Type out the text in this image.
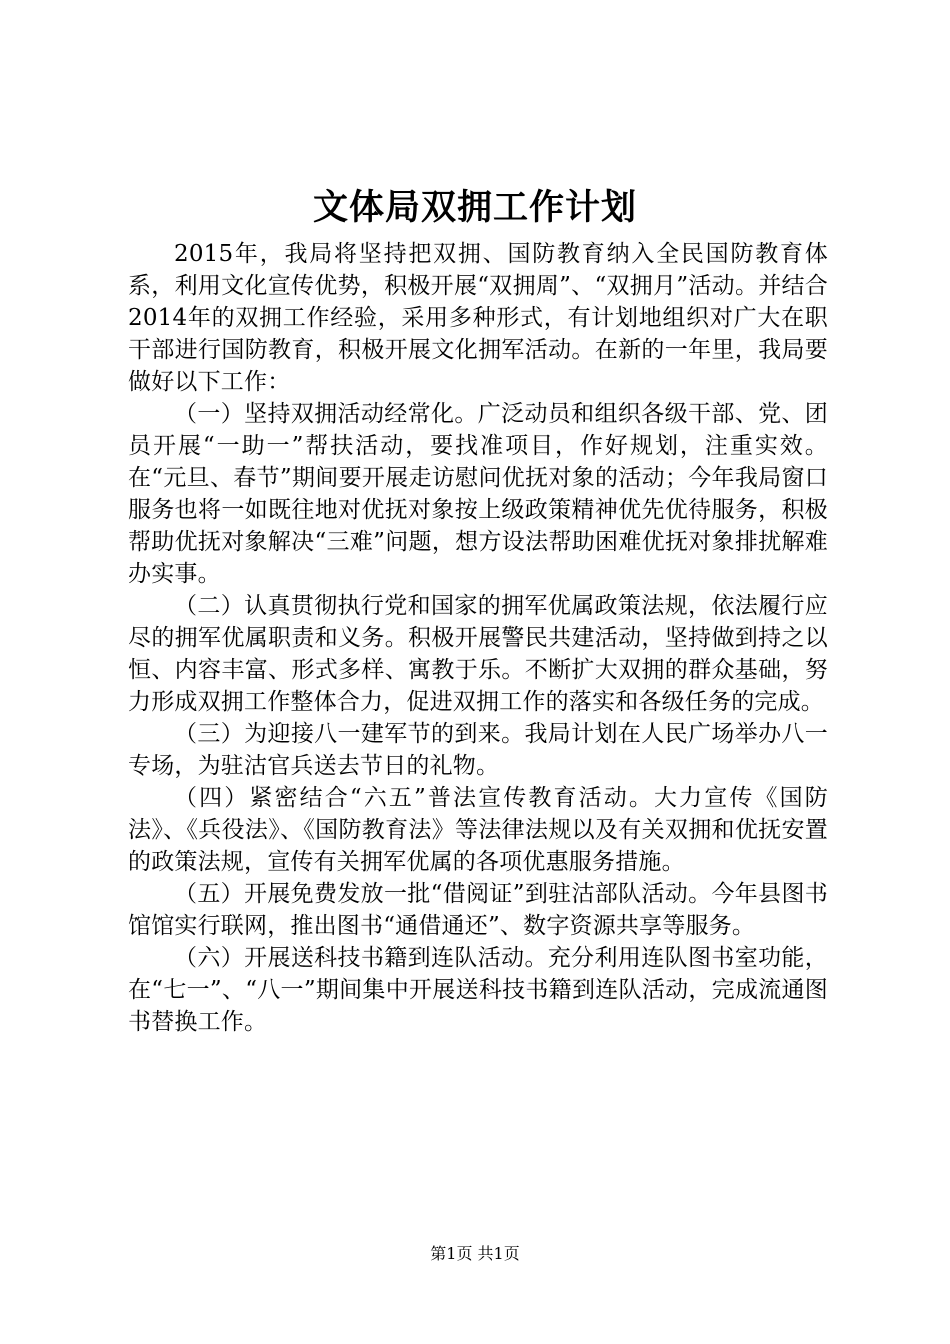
文体局双拥工作计划

2015年，我局将坚持把双拥、国防教育纳入全民国防教育体系，利用文化宣传优势，积极开展“双拥周”、“双拥月”活动。并结合2014年的双拥工作经验，采用多种形式，有计划地组织对广大在职干部进行国防教育，积极开展文化拥军活动。在新的一年里，我局要做好以下工作：

（一）坚持双拥活动经常化。广泛动员和组织各级干部、党、团员开展“一助一”帮扶活动，要找准项目，作好规划，注重实效。在“元旦、春节”期间要开展走访慰问优抚对象的活动；今年我局窗口服务也将一如既往地对优抚对象按上级政策精神优先优待服务，积极帮助优抚对象解决“三难”问题，想方设法帮助困难优抚对象排扰解难办实事。

（二）认真贯彻执行党和国家的拥军优属政策法规，依法履行应尽的拥军优属职责和义务。积极开展警民共建活动，坚持做到持之以恒、内容丰富、形式多样、寓教于乐。不断扩大双拥的群众基础，努力形成双拥工作整体合力，促进双拥工作的落实和各级任务的完成。

（三）为迎接八一建军节的到来。我局计划在人民广场举办八一专场，为驻沽官兵送去节日的礼物。

（四）紧密结合“六五”普法宣传教育活动。大力宣传《国防法》、《兵役法》、《国防教育法》等法律法规以及有关双拥和优抚安置的政策法规，宣传有关拥军优属的各项优惠服务措施。

（五）开展免费发放一批“借阅证”到驻沽部队活动。今年县图书馆馆实行联网，推出图书“通借通还”、数字资源共享等服务。

（六）开展送科技书籍到连队活动。充分利用连队图书室功能，在“七一”、“八一”期间集中开展送科技书籍到连队活动，完成流通图书替换工作。

第1页 共1页
